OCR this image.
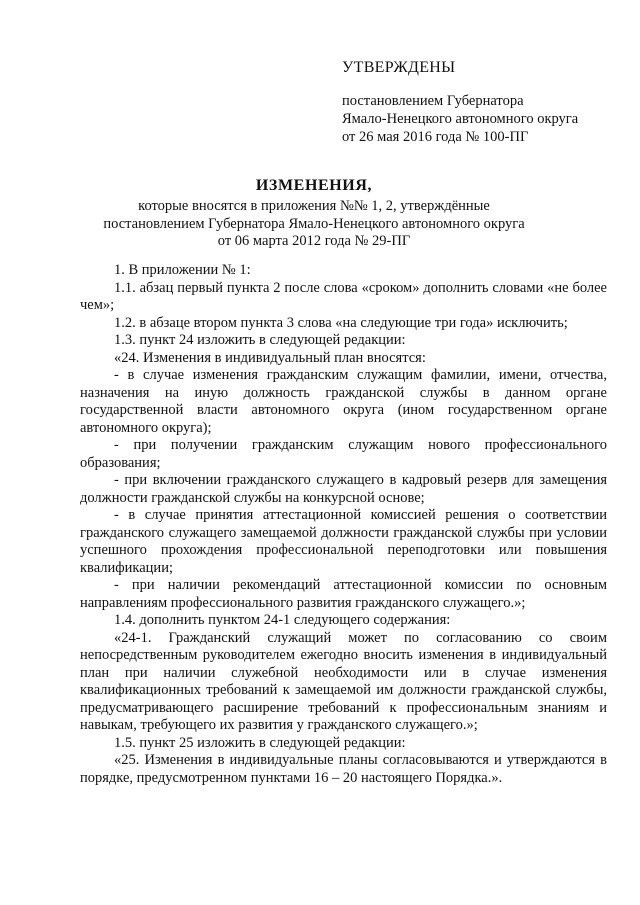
УТВЕРЖДЕНЫ
постановлением Губернатора
Ямало-Ненецкого автономного округа
от 26 мая 2016 года № 100-ПГ
ИЗМЕНЕНИЯ,
которые вносятся в приложения №№ 1, 2, утверждённые постановлением Губернатора Ямало-Ненецкого автономного округа от 06 марта 2012 года № 29-ПГ

1. В приложении № 1:

1.1. абзац первый пункта 2 после слова «сроком» дополнить словами «не более чем»;

1.2. в абзаце втором пункта 3 слова «на следующие три года» исключить;

1.3. пункт 24 изложить в следующей редакции:

«24. Изменения в индивидуальный план вносятся:

- в случае изменения гражданским служащим фамилии, имени, отчества, назначения на иную должность гражданской службы в данном органе государственной власти автономного округа (ином государственном органе автономного округа);

- при получении гражданским служащим нового профессионального образования;

- при включении гражданского служащего в кадровый резерв для замещения должности гражданской службы на конкурсной основе;

- в случае принятия аттестационной комиссией решения о соответствии гражданского служащего замещаемой должности гражданской службы при условии успешного прохождения профессиональной переподготовки или повышения квалификации;

- при наличии рекомендаций аттестационной комиссии по основным направлениям профессионального развития гражданского служащего.»;

1.4. дополнить пунктом 24-1 следующего содержания:

«24-1. Гражданский служащий может по согласованию со своим непосредственным руководителем ежегодно вносить изменения в индивидуальный план при наличии служебной необходимости или в случае изменения квалификационных требований к замещаемой им должности гражданской службы, предусматривающего расширение требований к профессиональным знаниям и навыкам, требующего их развития у гражданского служащего.»;

1.5. пункт 25 изложить в следующей редакции:

«25. Изменения в индивидуальные планы согласовываются и утверждаются в порядке, предусмотренном пунктами 16 – 20 настоящего Порядка.».
